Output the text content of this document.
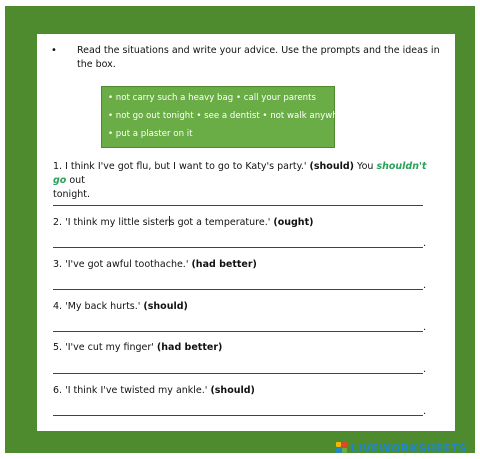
• Read the situations and write your advice. Use the prompts and the ideas in the box.
• not carry such a heavy bag • call your parents
• not go out tonight • see a dentist • not walk anywhere
• put a plaster on it
1. I think I've got flu, but I want to go to Katy's party.' (should) You shouldn't go out
tonight.
2. 'I think my little sisters got a temperature.' (ought)
.
3. 'I've got awful toothache.' (had better)
.
4. 'My back hurts.' (should)
.
5. 'I've cut my finger' (had better)
.
6. 'I think I've twisted my ankle.' (should)
.
LIVEWORKSHEETS
